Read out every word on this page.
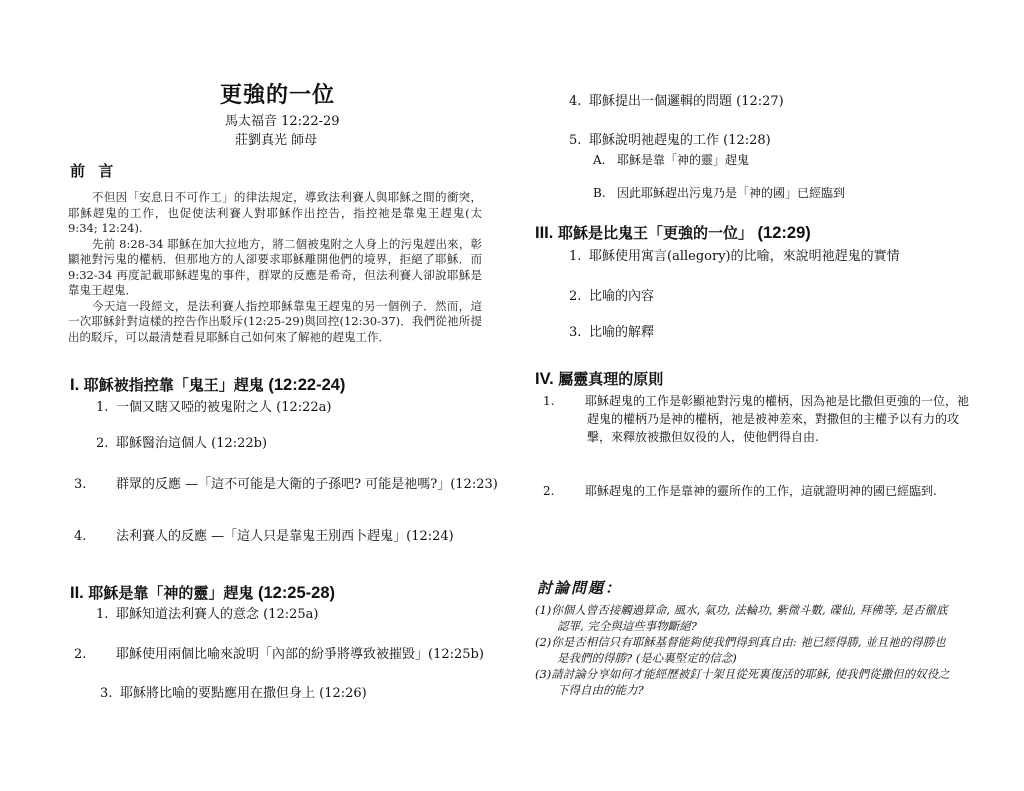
更強的一位
馬太福音 12:22-29
莊劉真光 師母
前 言

不但因「安息日不可作工」的律法規定，導致法利賽人與耶穌之間的衝突，耶穌趕鬼的工作，也促使法利賽人對耶穌作出控告，指控祂是靠鬼王趕鬼(太 9:34; 12:24).

先前 8:28-34 耶穌在加大拉地方，將二個被鬼附之人身上的污鬼趕出來，彰顯祂對污鬼的權柄．但那地方的人卻要求耶穌離開他們的境界，拒絕了耶穌．而 9:32-34 再度記載耶穌趕鬼的事件，群眾的反應是希奇，但法利賽人卻說耶穌是靠鬼王趕鬼．

今天這一段經文，是法利賽人指控耶穌靠鬼王趕鬼的另一個例子．然而，這一次耶穌針對這樣的控告作出駁斥(12:25-29)與回控(12:30-37)．我們從祂所提出的駁斥，可以最清楚看見耶穌自己如何來了解祂的趕鬼工作．

I. 耶穌被指控靠「鬼王」趕鬼 (12:22-24)
1. 一個又瞎又啞的被鬼附之人 (12:22a)
2. 耶穌醫治這個人 (12:22b)
3. 群眾的反應 —「這不可能是大衛的子孫吧? 可能是祂嗎?」(12:23)
4. 法利賽人的反應 —「這人只是靠鬼王別西卜趕鬼」(12:24)
II. 耶穌是靠「神的靈」趕鬼 (12:25-28)
1. 耶穌知道法利賽人的意念 (12:25a)
2. 耶穌使用兩個比喻來說明「內部的紛爭將導致被摧毀」(12:25b)
3. 耶穌將比喻的要點應用在撒但身上 (12:26)
4. 耶穌提出一個邏輯的問題 (12:27)
5. 耶穌說明祂趕鬼的工作 (12:28)
A. 耶穌是靠「神的靈」趕鬼
B. 因此耶穌趕出污鬼乃是「神的國」已經臨到
III. 耶穌是比鬼王「更強的一位」 (12:29)
1. 耶穌使用寓言(allegory)的比喻，來說明祂趕鬼的實情
2. 比喻的內容
3. 比喻的解釋
IV. 屬靈真理的原則
1.	耶穌趕鬼的工作是彰顯祂對污鬼的權柄，因為祂是比撒但更強的一位，祂趕鬼的權柄乃是神的權柄，祂是被神差來，對撒但的主權予以有力的攻擊，來釋放被撒但奴役的人，使他們得自由.
2.	耶穌趕鬼的工作是靠神的靈所作的工作，這就證明神的國已經臨到.
討論問題：

(1)你個人曾否接觸過算命, 風水, 氣功, 法輪功, 紫微斗數, 碟仙, 拜佛等, 是否徹底認罪, 完全與這些事物斷絕?

(2)你是否相信只有耶穌基督能夠使我們得到真自由: 祂已經得勝, 並且祂的得勝也是我們的得勝? (是心裏堅定的信念)

(3)請討論分享如何才能經歷被釘十架且從死裏復活的耶穌, 使我們從撒但的奴役之下得自由的能力?
